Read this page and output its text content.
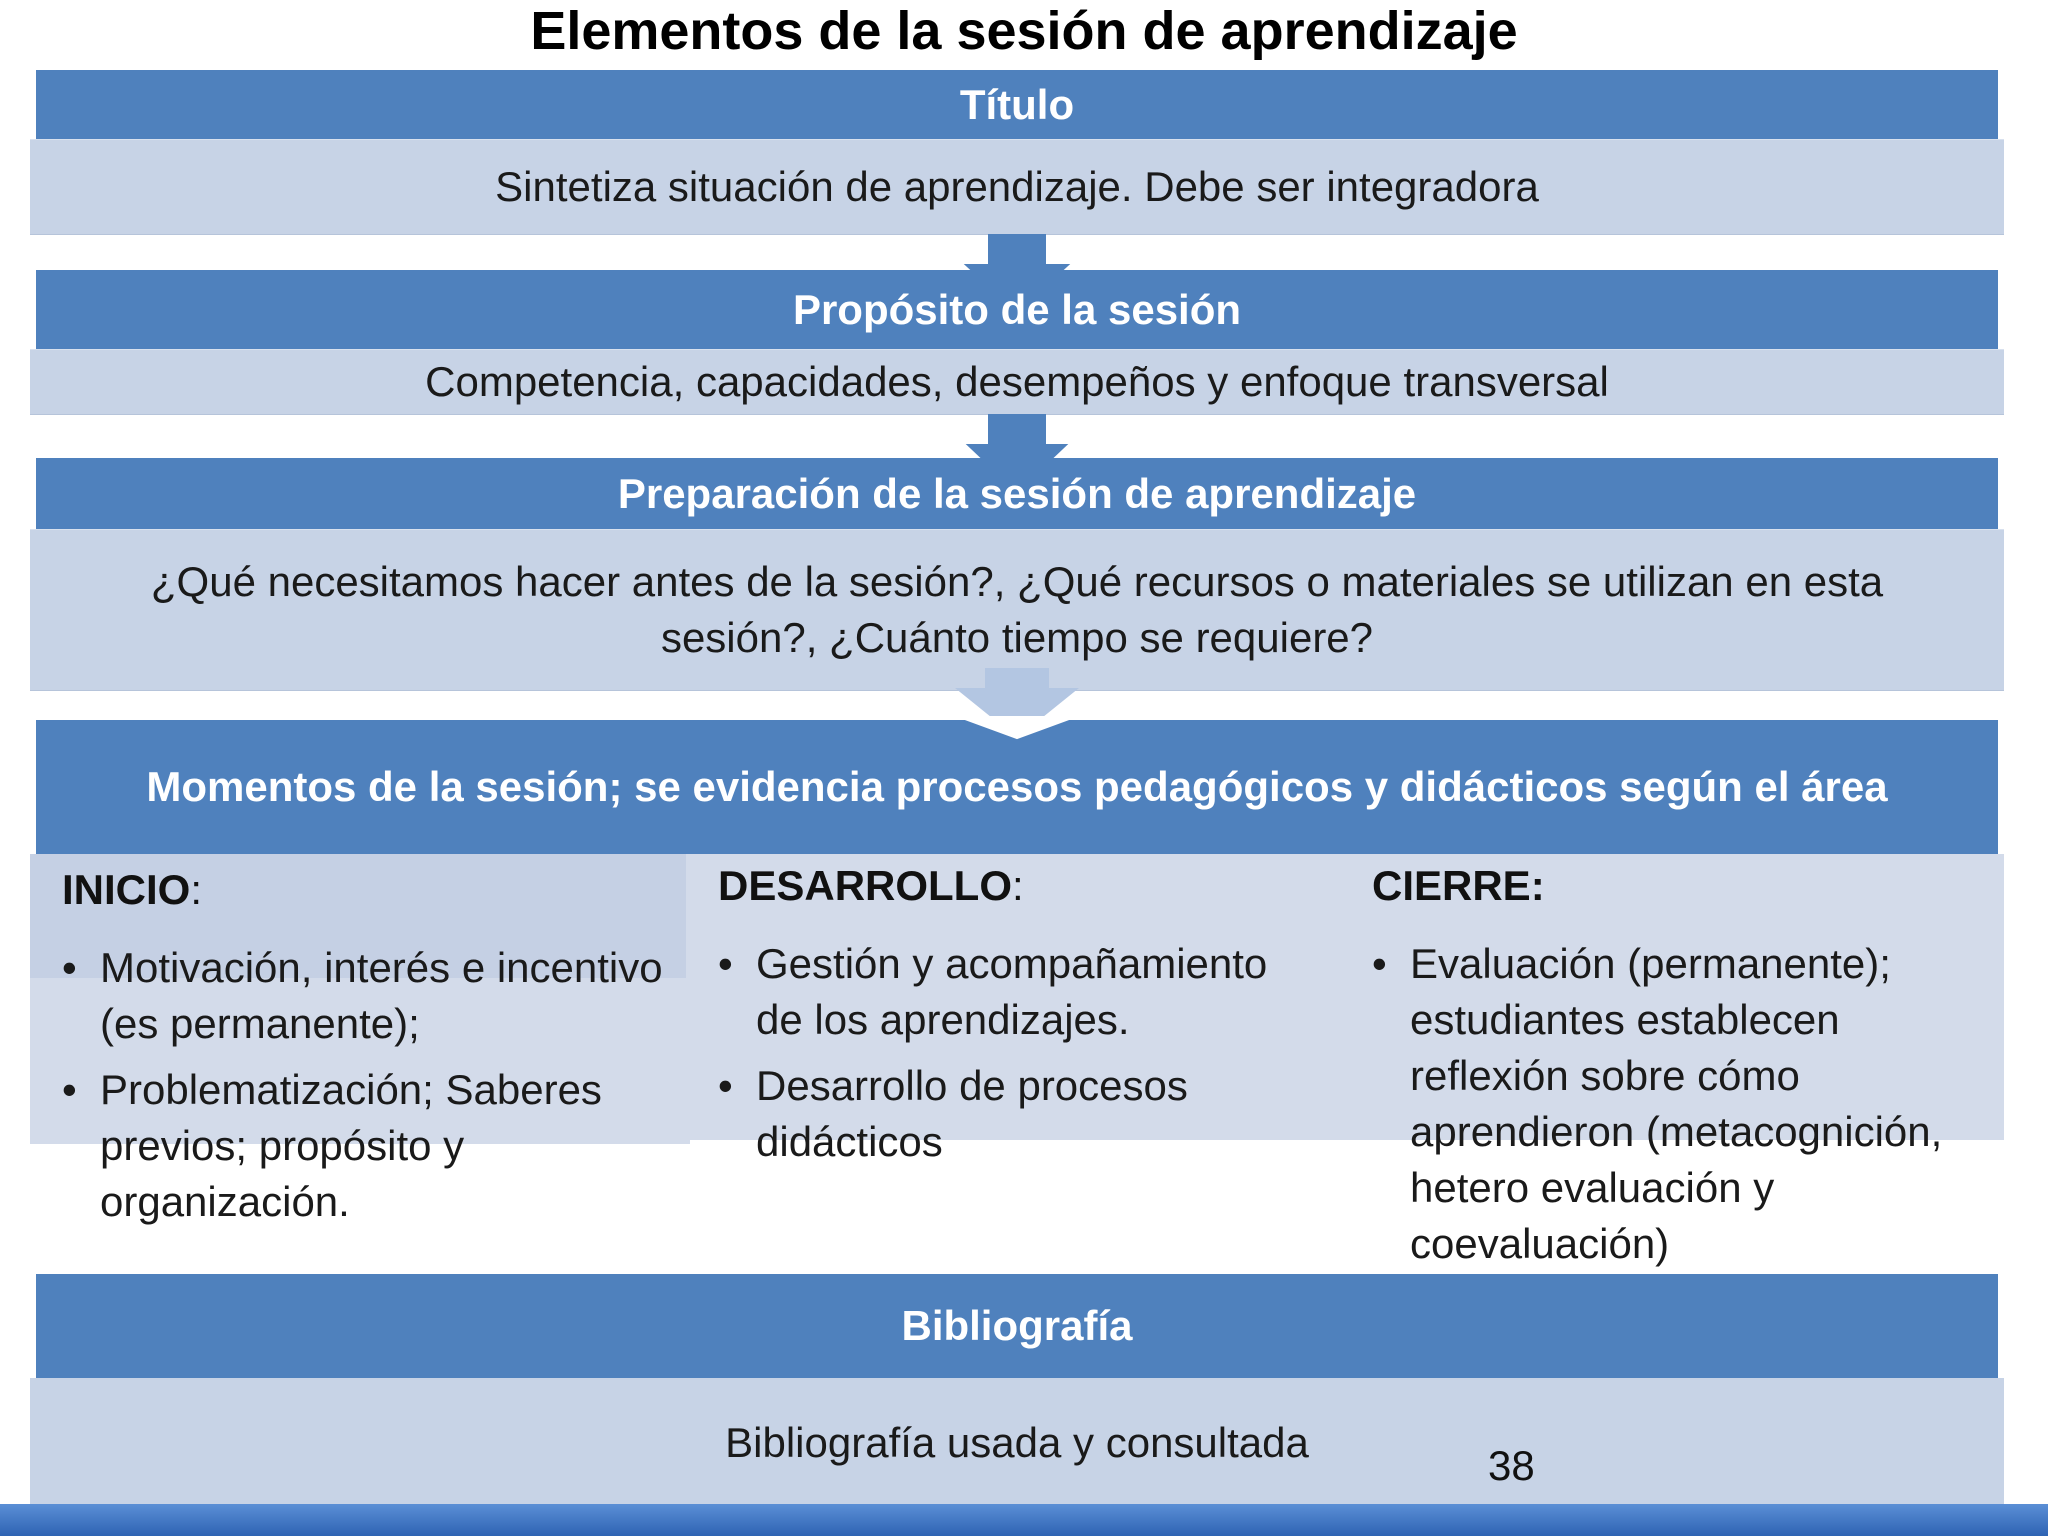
Elementos de la sesión de aprendizaje
Título
Sintetiza situación de aprendizaje. Debe ser integradora
Propósito de la sesión
Competencia, capacidades, desempeños y enfoque transversal
Preparación de la sesión de aprendizaje
¿Qué necesitamos hacer antes de la sesión?, ¿Qué recursos o materiales se utilizan en esta sesión?, ¿Cuánto tiempo se requiere?
Momentos de la sesión; se evidencia procesos pedagógicos y didácticos según el área
INICIO:
• Motivación, interés e incentivo (es permanente);
• Problematización; Saberes previos; propósito y organización.
DESARROLLO:
• Gestión y acompañamiento de los aprendizajes.
• Desarrollo de procesos didácticos
CIERRE:
• Evaluación (permanente); estudiantes establecen reflexión sobre cómo aprendieron (metacognición, hetero evaluación y coevaluación)
Bibliografía
Bibliografía usada y consultada	38
